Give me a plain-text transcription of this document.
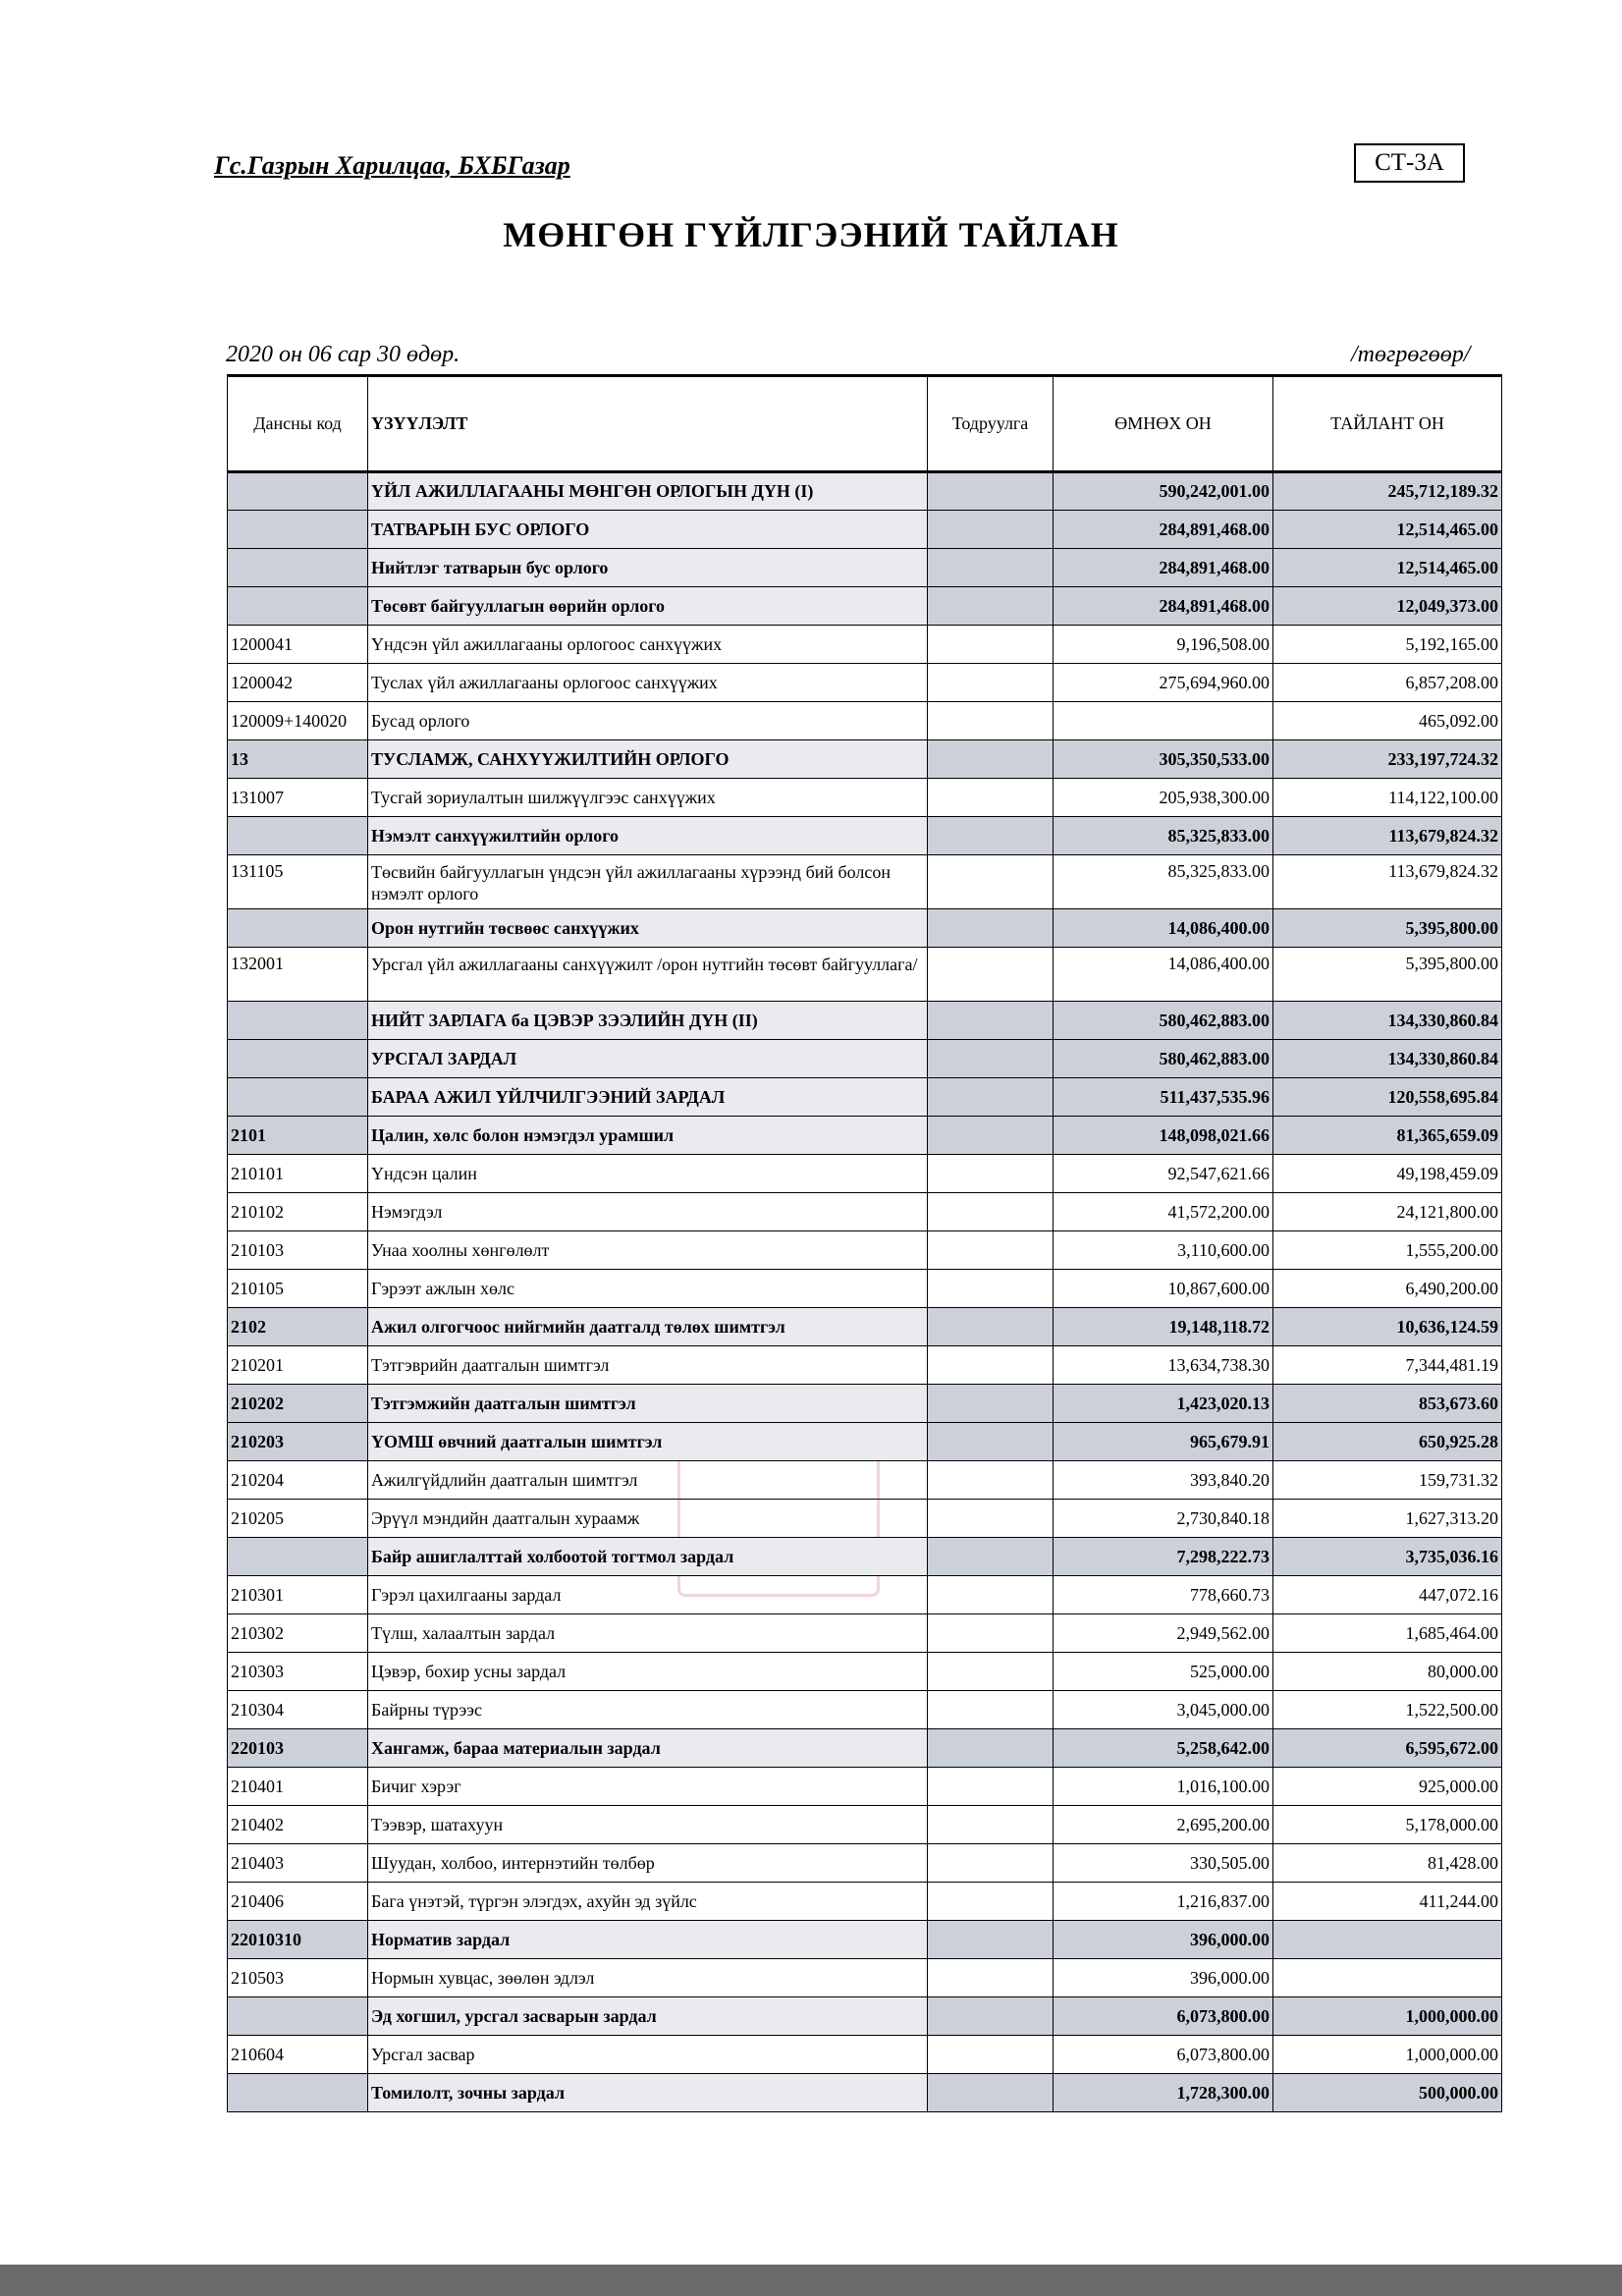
Гс.Газрын Харилцаа, БХБГазар	СТ-3А
МӨНГӨН ГҮЙЛГЭЭНИЙ ТАЙЛАН
2020 он 06 сар 30 өдөр.	/төгрөгөөр/
Дансны код	ҮЗҮҮЛЭЛТ	Тодруулга	ӨМНӨХ ОН	ТАЙЛАНТ ОН
	ҮЙЛ АЖИЛЛАГААНЫ МӨНГӨН ОРЛОГЫН ДҮН (I)		590,242,001.00	245,712,189.32
	ТАТВАРЫН БУС ОРЛОГО		284,891,468.00	12,514,465.00
	Нийтлэг татварын бус орлого		284,891,468.00	12,514,465.00
	Төсөвт байгууллагын өөрийн орлого		284,891,468.00	12,049,373.00
1200041	Үндсэн үйл ажиллагааны орлогоос санхүүжих		9,196,508.00	5,192,165.00
1200042	Туслах үйл ажиллагааны орлогоос санхүүжих		275,694,960.00	6,857,208.00
120009+140020	Бусад орлого			465,092.00
13	ТУСЛАМЖ, САНХҮҮЖИЛТИЙН ОРЛОГО		305,350,533.00	233,197,724.32
131007	Тусгай зориулалтын шилжүүлгээс санхүүжих		205,938,300.00	114,122,100.00
	Нэмэлт санхүүжилтийн орлого		85,325,833.00	113,679,824.32
131105	Төсвийн байгууллагын үндсэн үйл ажиллагааны хүрээнд бий болсон нэмэлт орлого		85,325,833.00	113,679,824.32
	Орон нутгийн төсвөөс санхүүжих		14,086,400.00	5,395,800.00
132001	Урсгал үйл ажиллагааны санхүүжилт /орон нутгийн төсөвт байгууллага/		14,086,400.00	5,395,800.00
	НИЙТ ЗАРЛАГА ба ЦЭВЭР ЗЭЭЛИЙН ДҮН (II)		580,462,883.00	134,330,860.84
	УРСГАЛ ЗАРДАЛ		580,462,883.00	134,330,860.84
	БАРАА АЖИЛ ҮЙЛЧИЛГЭЭНИЙ ЗАРДАЛ		511,437,535.96	120,558,695.84
2101	Цалин, хөлс болон нэмэгдэл урамшил		148,098,021.66	81,365,659.09
210101	Үндсэн цалин		92,547,621.66	49,198,459.09
210102	Нэмэгдэл		41,572,200.00	24,121,800.00
210103	Унаа хоолны хөнгөлөлт		3,110,600.00	1,555,200.00
210105	Гэрээт ажлын хөлс		10,867,600.00	6,490,200.00
2102	Ажил олгогчоос нийгмийн даатгалд төлөх шимтгэл		19,148,118.72	10,636,124.59
210201	Тэтгэврийн даатгалын шимтгэл		13,634,738.30	7,344,481.19
210202	Тэтгэмжийн даатгалын шимтгэл		1,423,020.13	853,673.60
210203	ҮОМШ өвчний даатгалын шимтгэл		965,679.91	650,925.28
210204	Ажилгүйдлийн даатгалын шимтгэл		393,840.20	159,731.32
210205	Эрүүл мэндийн даатгалын хураамж		2,730,840.18	1,627,313.20
	Байр ашиглалттай холбоотой тогтмол зардал		7,298,222.73	3,735,036.16
210301	Гэрэл цахилгааны зардал		778,660.73	447,072.16
210302	Түлш, халаалтын зардал		2,949,562.00	1,685,464.00
210303	Цэвэр, бохир усны зардал		525,000.00	80,000.00
210304	Байрны түрээс		3,045,000.00	1,522,500.00
220103	Хангамж, бараа материалын зардал		5,258,642.00	6,595,672.00
210401	Бичиг хэрэг		1,016,100.00	925,000.00
210402	Тээвэр, шатахуун		2,695,200.00	5,178,000.00
210403	Шуудан, холбоо, интернэтийн төлбөр		330,505.00	81,428.00
210406	Бага үнэтэй, түргэн элэгдэх, ахуйн эд зүйлс		1,216,837.00	411,244.00
22010310	Норматив зардал		396,000.00	
210503	Нормын хувцас, зөөлөн эдлэл		396,000.00	
	Эд хогшил, урсгал засварын зардал		6,073,800.00	1,000,000.00
210604	Урсгал засвар		6,073,800.00	1,000,000.00
	Томилолт, зочны зардал		1,728,300.00	500,000.00
